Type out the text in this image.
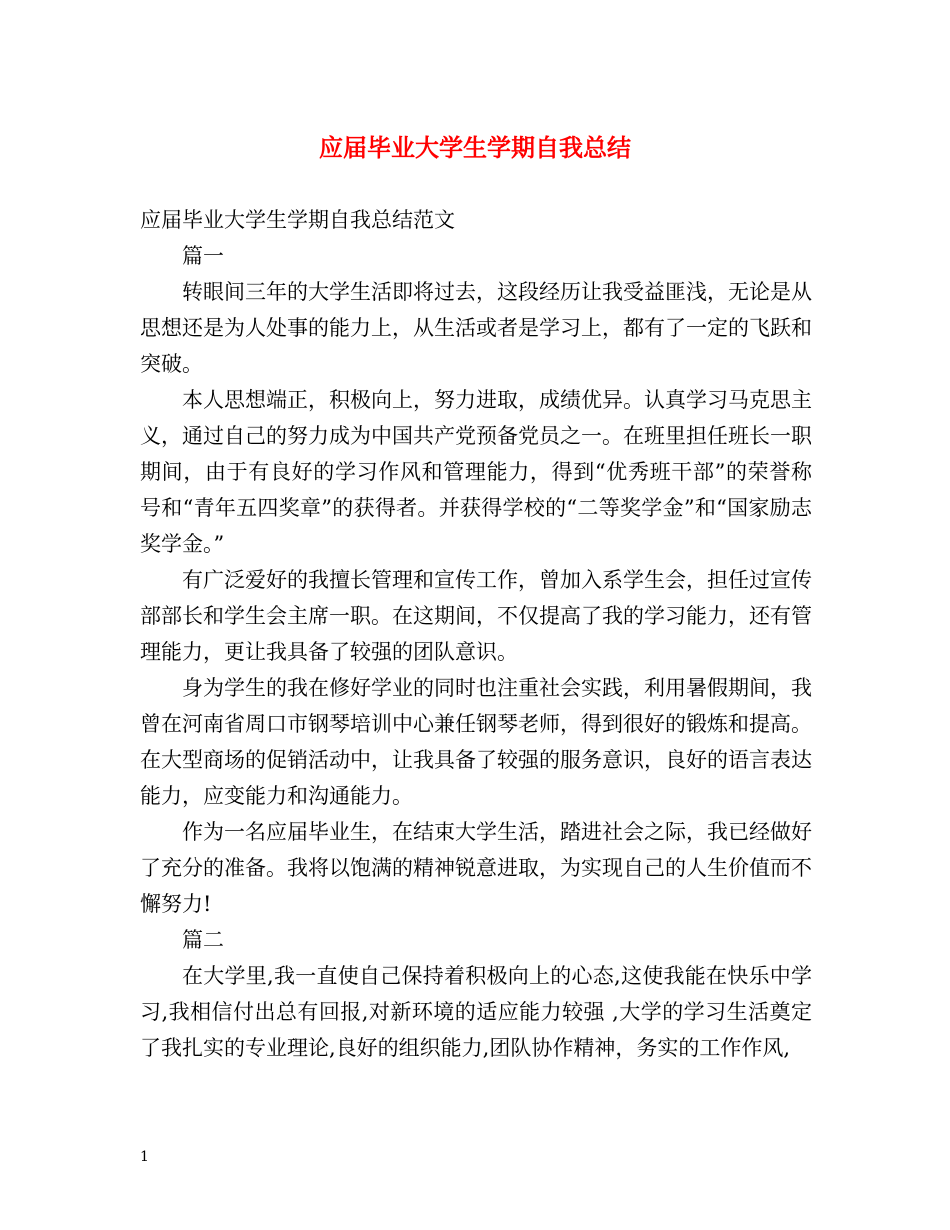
应届毕业大学生学期自我总结

应届毕业大学生学期自我总结范文

篇一

转眼间三年的大学生活即将过去，这段经历让我受益匪浅，无论是从思想还是为人处事的能力上，从生活或者是学习上，都有了一定的飞跃和突破。

本人思想端正，积极向上，努力进取，成绩优异。认真学习马克思主义，通过自己的努力成为中国共产党预备党员之一。在班里担任班长一职期间，由于有良好的学习作风和管理能力，得到“优秀班干部”的荣誉称号和“青年五四奖章”的获得者。并获得学校的“二等奖学金”和“国家励志奖学金。”

有广泛爱好的我擅长管理和宣传工作，曾加入系学生会，担任过宣传部部长和学生会主席一职。在这期间，不仅提高了我的学习能力，还有管理能力，更让我具备了较强的团队意识。

身为学生的我在修好学业的同时也注重社会实践，利用暑假期间，我曾在河南省周口市钢琴培训中心兼任钢琴老师，得到很好的锻炼和提高。在大型商场的促销活动中，让我具备了较强的服务意识，良好的语言表达能力，应变能力和沟通能力。

作为一名应届毕业生，在结束大学生活，踏进社会之际，我已经做好了充分的准备。我将以饱满的精神锐意进取，为实现自己的人生价值而不懈努力!

篇二

在大学里,我一直使自己保持着积极向上的心态,这使我能在快乐中学习,我相信付出总有回报,对新环境的适应能力较强 ,大学的学习生活奠定了我扎实的专业理论,良好的组织能力,团队协作精神，务实的工作作风,

1
